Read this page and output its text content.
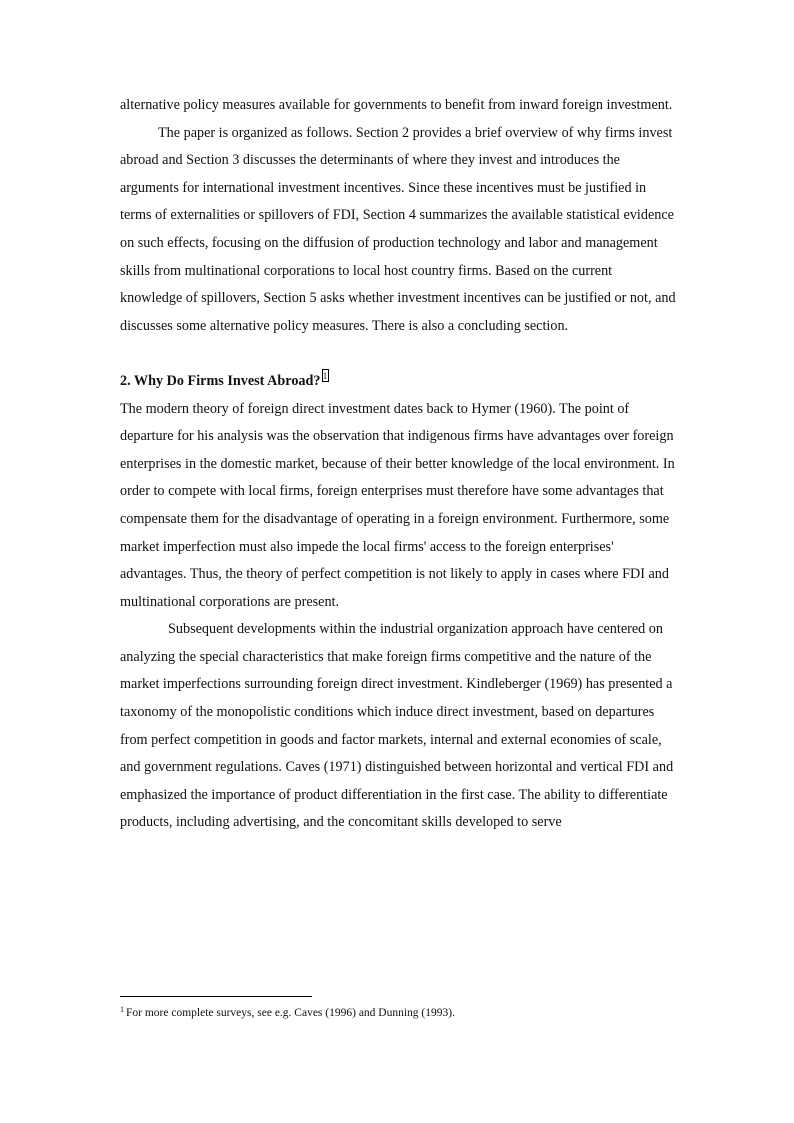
alternative policy measures available for governments to benefit from inward foreign investment.

The paper is organized as follows. Section 2 provides a brief overview of why firms invest abroad and Section 3 discusses the determinants of where they invest and introduces the arguments for international investment incentives. Since these incentives must be justified in terms of externalities or spillovers of FDI, Section 4 summarizes the available statistical evidence on such effects, focusing on the diffusion of production technology and labor and management skills from multinational corporations to local host country firms. Based on the current knowledge of spillovers, Section 5 asks whether investment incentives can be justified or not, and discusses some alternative policy measures. There is also a concluding section.

2. Why Do Firms Invest Abroad? 1

The modern theory of foreign direct investment dates back to Hymer (1960). The point of departure for his analysis was the observation that indigenous firms have advantages over foreign enterprises in the domestic market, because of their better knowledge of the local environment. In order to compete with local firms, foreign enterprises must therefore have some advantages that compensate them for the disadvantage of operating in a foreign environment. Furthermore, some market imperfection must also impede the local firms' access to the foreign enterprises' advantages. Thus, the theory of perfect competition is not likely to apply in cases where FDI and multinational corporations are present.

Subsequent developments within the industrial organization approach have centered on analyzing the special characteristics that make foreign firms competitive and the nature of the market imperfections surrounding foreign direct investment. Kindleberger (1969) has presented a taxonomy of the monopolistic conditions which induce direct investment, based on departures from perfect competition in goods and factor markets, internal and external economies of scale, and government regulations. Caves (1971) distinguished between horizontal and vertical FDI and emphasized the importance of product differentiation in the first case. The ability to differentiate products, including advertising, and the concomitant skills developed to serve

$^1$ For more complete surveys, see e.g. Caves (1996) and Dunning (1993).
